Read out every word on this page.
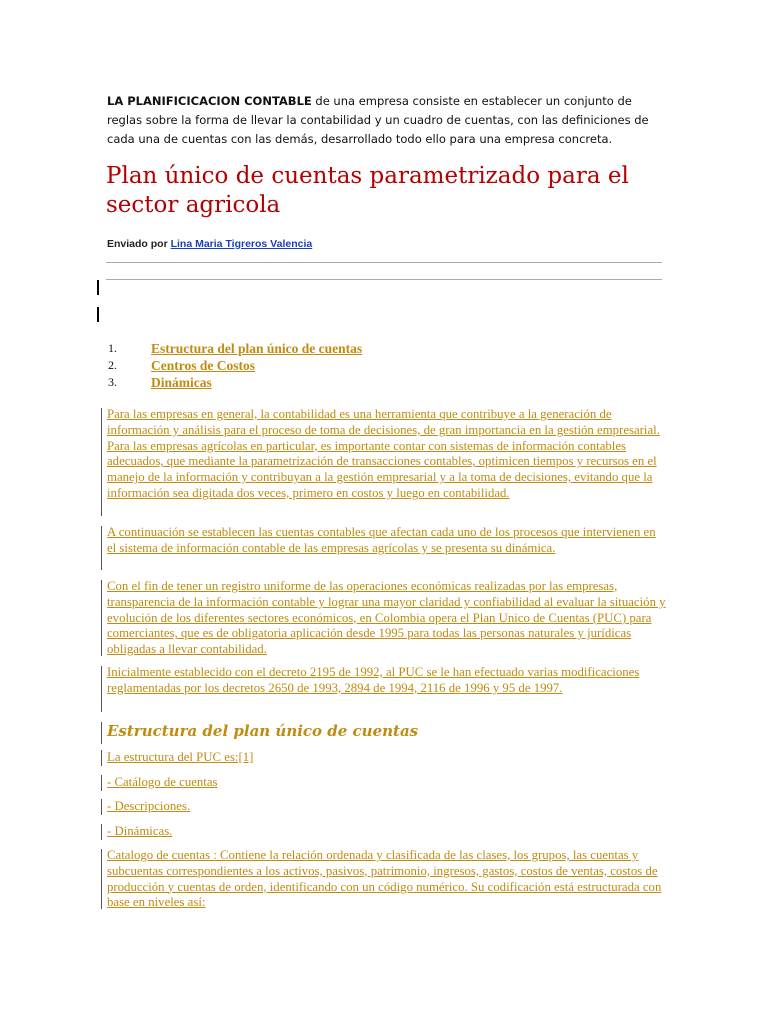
LA PLANIFICICACION CONTABLE de una empresa consiste en establecer un conjunto de reglas sobre la forma de llevar la contabilidad y un cuadro de cuentas, con las definiciones de cada una de cuentas con las demás, desarrollado todo ello para una empresa concreta.

Plan único de cuentas parametrizado para el sector agricola

Enviado por Lina Maria Tigreros Valencia

1.	Estructura del plan único de cuentas
2.	Centros de Costos
3.	Dinámicas

Para las empresas en general, la contabilidad es una herramienta que contribuye a la generación de información y análisis para el proceso de toma de decisiones, de gran importancia en la gestión empresarial. Para las empresas agrícolas en particular, es importante contar con sistemas de información contables adecuados, que mediante la parametrización de transacciones contables, optimicen tiempos y recursos en el manejo de la información y contribuyan a la gestión empresarial y a la toma de decisiones, evitando que la información sea digitada dos veces, primero en costos y luego en contabilidad.

A continuación se establecen las cuentas contables que afectan cada uno de los procesos que intervienen en el sistema de información contable de las empresas agrícolas y se presenta su dinámica.

Con el fin de tener un registro uniforme de las operaciones económicas realizadas por las empresas, transparencia de la información contable y lograr una mayor claridad y confiabilidad al evaluar la situación y evolución de los diferentes sectores económicos, en Colombia opera el Plan Unico de Cuentas (PUC) para comerciantes, que es de obligatoria aplicación desde 1995 para todas las personas naturales y jurídicas obligadas a llevar contabilidad.

Inicialmente establecido con el decreto 2195 de 1992, al PUC se le han efectuado varias modificaciones reglamentadas por los decretos 2650 de 1993, 2894 de 1994, 2116 de 1996 y 95 de 1997.

Estructura del plan único de cuentas

La estructura del PUC es:[1]

- Catálogo de cuentas

- Descripciones.

- Dinámicas.

Catalogo de cuentas : Contiene la relación ordenada y clasificada de las clases, los grupos, las cuentas y subcuentas correspondientes a los activos, pasivos, patrimonio, ingresos, gastos, costos de ventas, costos de producción y cuentas de orden, identificando con un código numérico. Su codificación está estructurada con base en niveles así:
